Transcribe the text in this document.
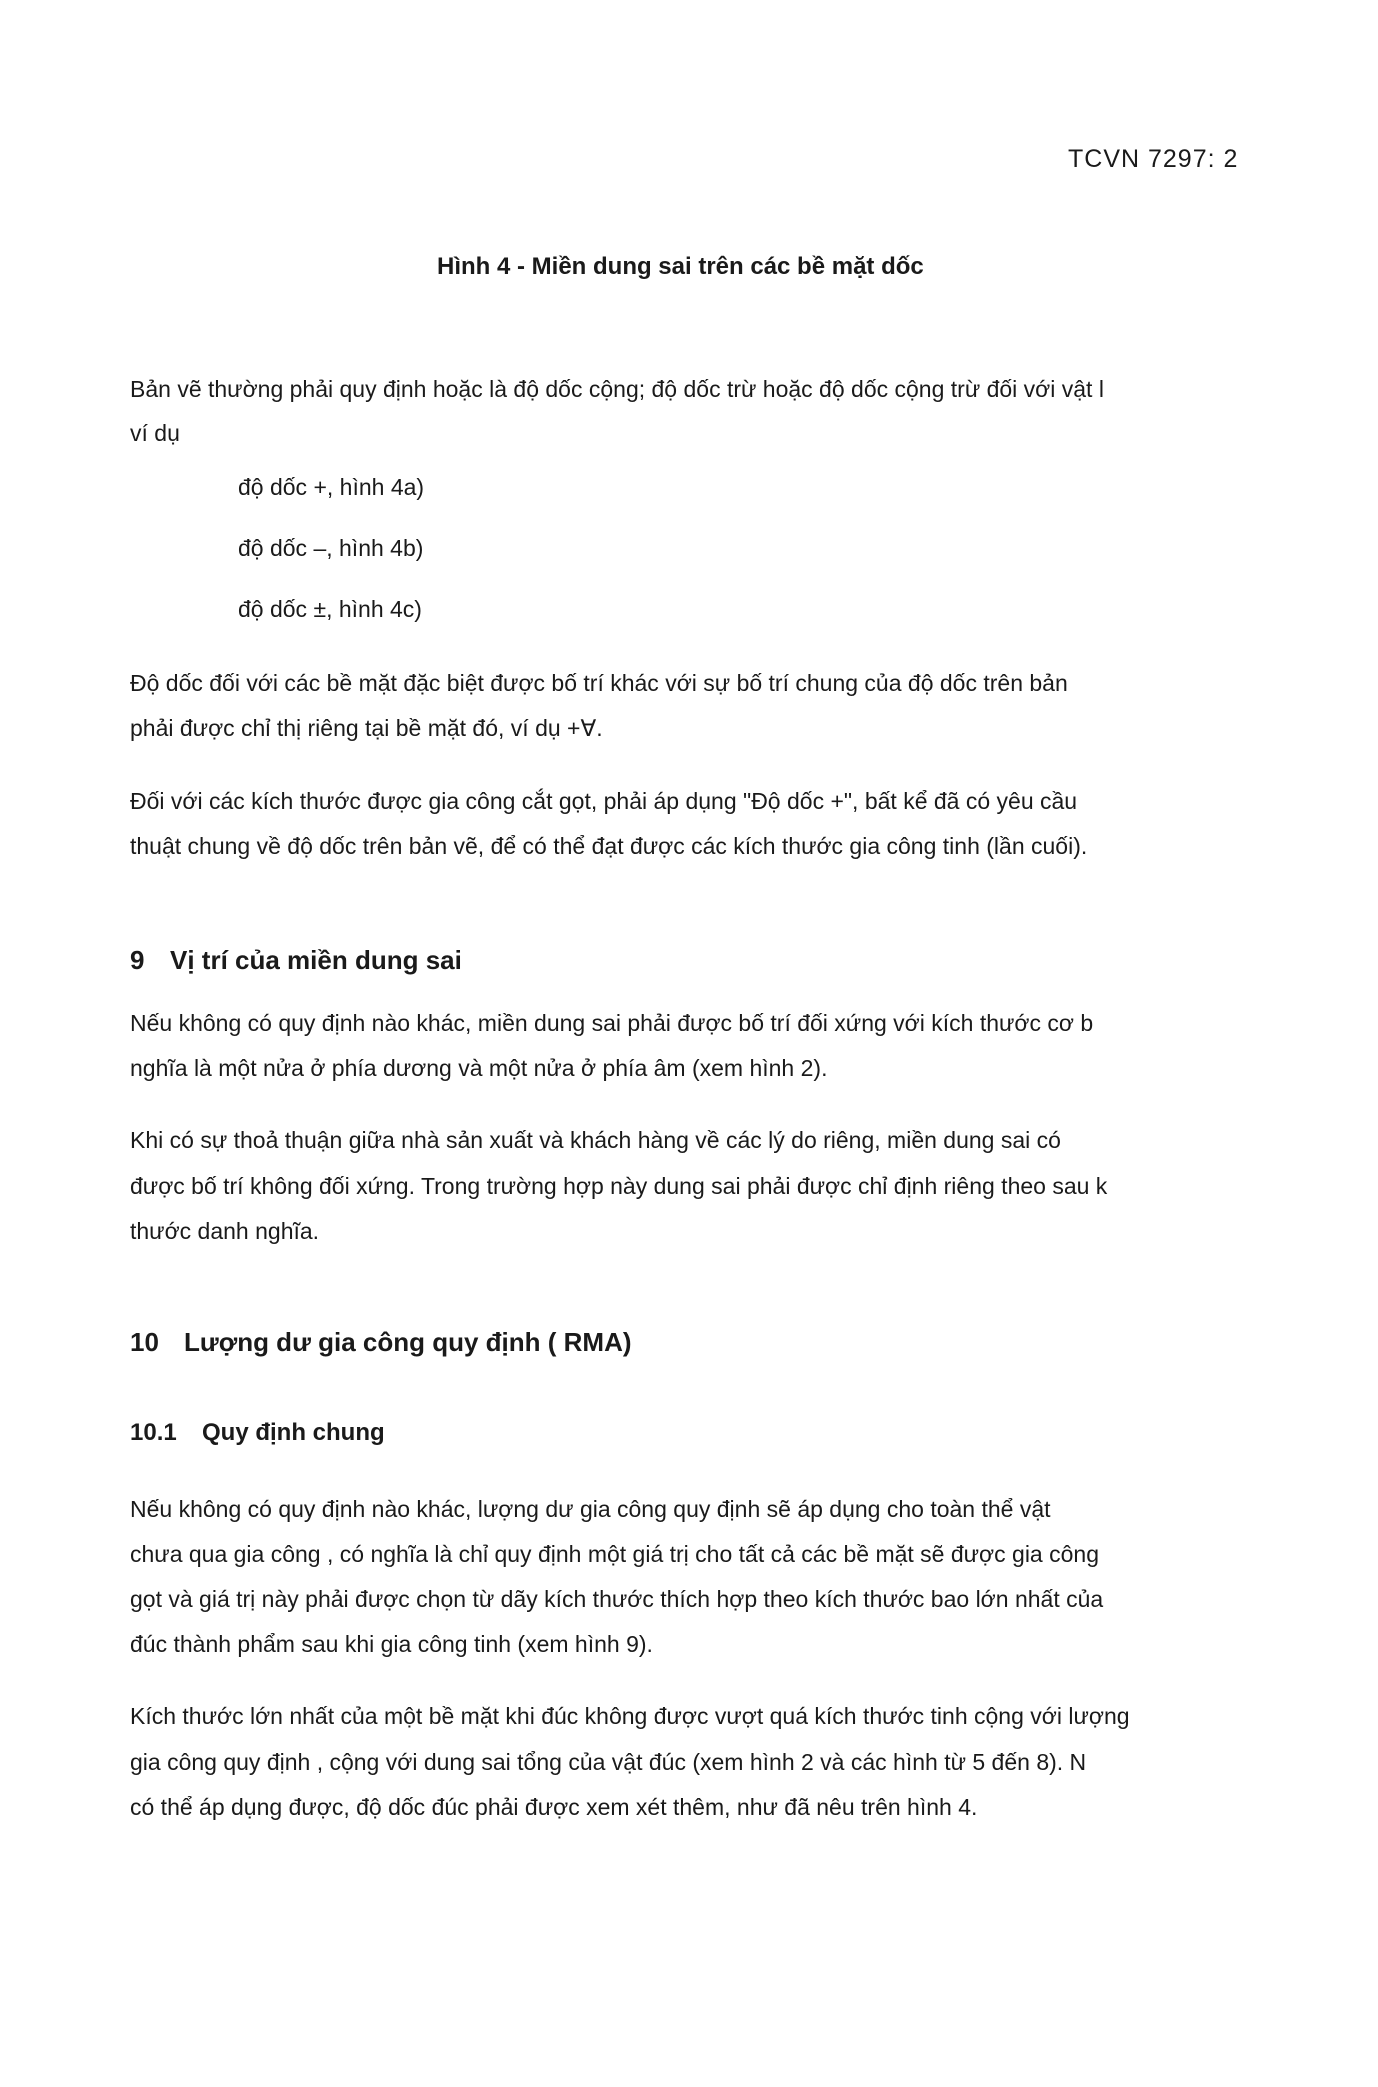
TCVN 7297: 2
Hình 4 - Miền dung sai trên các bề mặt dốc
Bản vẽ thường phải quy định hoặc là độ dốc cộng; độ dốc trừ hoặc độ dốc cộng trừ đối với vật l
ví dụ
độ dốc +, hình 4a)
độ dốc –, hình 4b)
độ dốc ±, hình 4c)
Độ dốc đối với các bề mặt đặc biệt được bố trí khác với sự bố trí chung của độ dốc trên bản
phải được chỉ thị riêng tại bề mặt đó, ví dụ +∀.
Đối với các kích thước được gia công cắt gọt, phải áp dụng "Độ dốc +", bất kể đã có yêu cầu
thuật chung về độ dốc trên bản vẽ, để có thể đạt được các kích thước gia công tinh (lần cuối).
9 Vị trí của miền dung sai
Nếu không có quy định nào khác, miền dung sai phải được bố trí đối xứng với kích thước cơ b
nghĩa là một nửa ở phía dương và một nửa ở phía âm (xem hình 2).
Khi có sự thoả thuận giữa nhà sản xuất và khách hàng về các lý do riêng, miền dung sai có
được bố trí không đối xứng. Trong trường hợp này dung sai phải được chỉ định riêng theo sau k
thước danh nghĩa.
10 Lượng dư gia công quy định ( RMA)
10.1 Quy định chung
Nếu không có quy định nào khác, lượng dư gia công quy định sẽ áp dụng cho toàn thể vật
chưa qua gia công , có nghĩa là chỉ quy định một giá trị cho tất cả các bề mặt sẽ được gia công
gọt và giá trị này phải được chọn từ dãy kích thước thích hợp theo kích thước bao lớn nhất của
đúc thành phẩm sau khi gia công tinh (xem hình 9).
Kích thước lớn nhất của một bề mặt khi đúc không được vượt quá kích thước tinh cộng với lượng
gia công quy định , cộng với dung sai tổng của vật đúc (xem hình 2 và các hình từ 5 đến 8). N
có thể áp dụng được, độ dốc đúc phải được xem xét thêm, như đã nêu trên hình 4.
